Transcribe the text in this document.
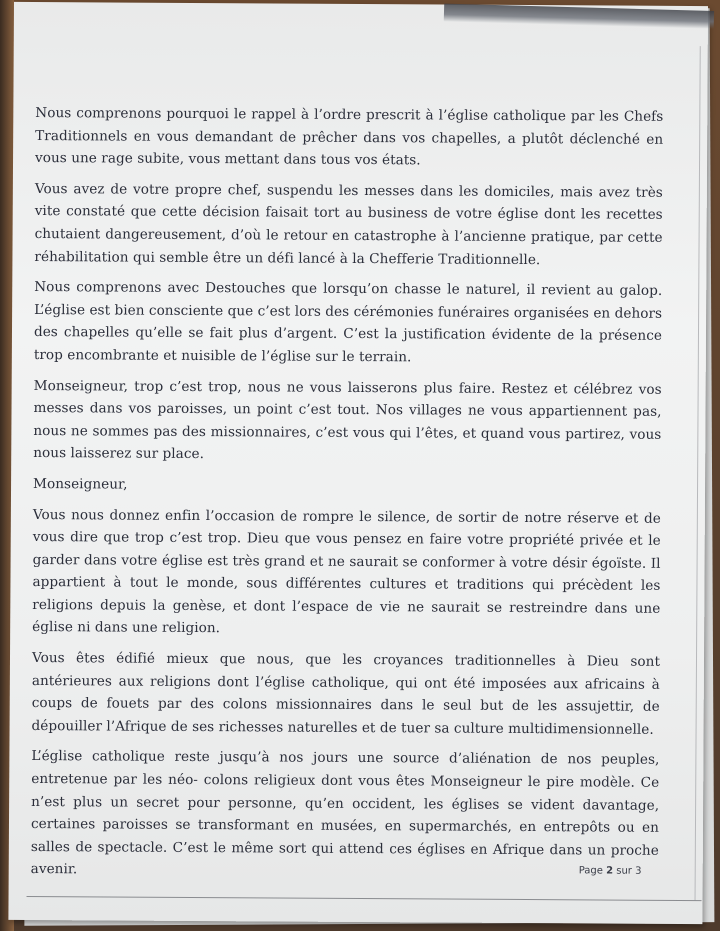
Nous comprenons pourquoi le rappel à l’ordre prescrit à l’église catholique par les Chefs Traditionnels en vous demandant de prêcher dans vos chapelles, a plutôt déclenché en vous une rage subite, vous mettant dans tous vos états.

Vous avez de votre propre chef, suspendu les messes dans les domiciles, mais avez très vite constaté que cette décision faisait tort au business de votre église dont les recettes chutaient dangereusement, d’où le retour en catastrophe à l’ancienne pratique, par cette réhabilitation qui semble être un défi lancé à la Chefferie Traditionnelle.

Nous comprenons avec Destouches que lorsqu’on chasse le naturel, il revient au galop. L’église est bien consciente que c’est lors des cérémonies funéraires organisées en dehors des chapelles qu’elle se fait plus d’argent. C’est la justification évidente de la présence trop encombrante et nuisible de l’église sur le terrain.

Monseigneur, trop c’est trop, nous ne vous laisserons plus faire. Restez et célébrez vos messes dans vos paroisses, un point c’est tout. Nos villages ne vous appartiennent pas, nous ne sommes pas des missionnaires, c’est vous qui l’êtes, et quand vous partirez, vous nous laisserez sur place.

Monseigneur,

Vous nous donnez enfin l’occasion de rompre le silence, de sortir de notre réserve et de vous dire que trop c’est trop. Dieu que vous pensez en faire votre propriété privée et le garder dans votre église est très grand et ne saurait se conformer à votre désir égoïste. Il appartient à tout le monde, sous différentes cultures et traditions qui précèdent les religions depuis la genèse, et dont l’espace de vie ne saurait se restreindre dans une église ni dans une religion.

Vous êtes édifié mieux que nous, que les croyances traditionnelles à Dieu sont antérieures aux religions dont l’église catholique, qui ont été imposées aux africains à coups de fouets par des colons missionnaires dans le seul but de les assujettir, de dépouiller l’Afrique de ses richesses naturelles et de tuer sa culture multidimensionnelle.

L’église catholique reste jusqu’à nos jours une source d’aliénation de nos peuples, entretenue par les néo- colons religieux dont vous êtes Monseigneur le pire modèle. Ce n’est plus un secret pour personne, qu’en occident, les églises se vident davantage, certaines paroisses se transformant en musées, en supermarchés, en entrepôts ou en salles de spectacle. C’est le même sort qui attend ces églises en Afrique dans un proche avenir.	Page 2 sur 3
